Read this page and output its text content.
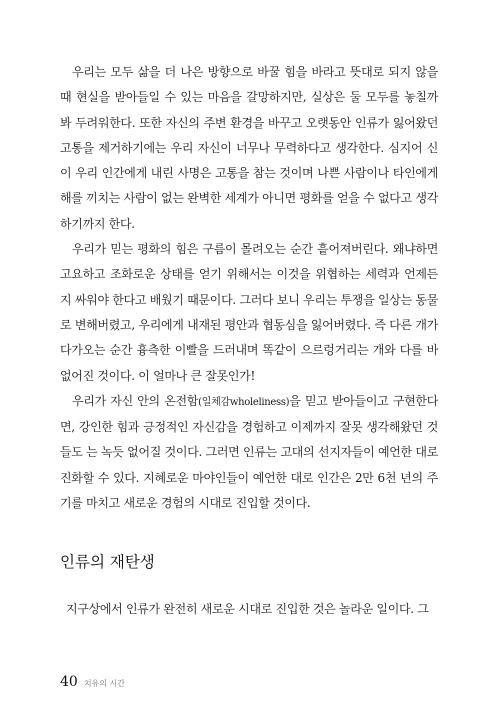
우리는 모두 삶을 더 나은 방향으로 바꿀 힘을 바라고 뜻대로 되지 않을 때 현실을 받아들일 수 있는 마음을 갈망하지만, 실상은 둘 모두를 놓칠까 봐 두려워한다. 또한 자신의 주변 환경을 바꾸고 오랫동안 인류가 잃어왔던 고통을 제거하기에는 우리 자신이 너무나 무력하다고 생각한다. 심지어 신이 우리 인간에게 내린 사명은 고통을 참는 것이며 나쁜 사람이나 타인에게 해를 끼치는 사람이 없는 완벽한 세계가 아니면 평화를 얻을 수 없다고 생각하기까지 한다.

우리가 믿는 평화의 힘은 구름이 몰려오는 순간 흩어져버린다. 왜냐하면 고요하고 조화로운 상태를 얻기 위해서는 이것을 위협하는 세력과 언제든지 싸워야 한다고 배웠기 때문이다. 그러다 보니 우리는 투쟁을 일상는 동물로 변해버렸고, 우리에게 내재된 평안과 협동심을 잃어버렸다. 즉 다른 개가 다가오는 순간 흉측한 이빨을 드러내며 똑같이 으르렁거리는 개와 다를 바 없어진 것이다. 이 얼마나 큰 잘못인가!

우리가 자신 안의 온전함(일체감wholeliness)을 믿고 받아들이고 구현한다면, 강인한 힘과 긍정적인 자신감을 경험하고 이제까지 잘못 생각해왔던 것들도 는 녹듯 없어질 것이다. 그러면 인류는 고대의 선지자들이 예언한 대로 진화할 수 있다. 지혜로운 마야인들이 예언한 대로 인간은 2만 6천 년의 주기를 마치고 새로운 경험의 시대로 진입할 것이다.

인류의 재탄생

지구상에서 인류가 완전히 새로운 시대로 진입한 것은 놀라운 일이다. 그

40 치유의 시간
